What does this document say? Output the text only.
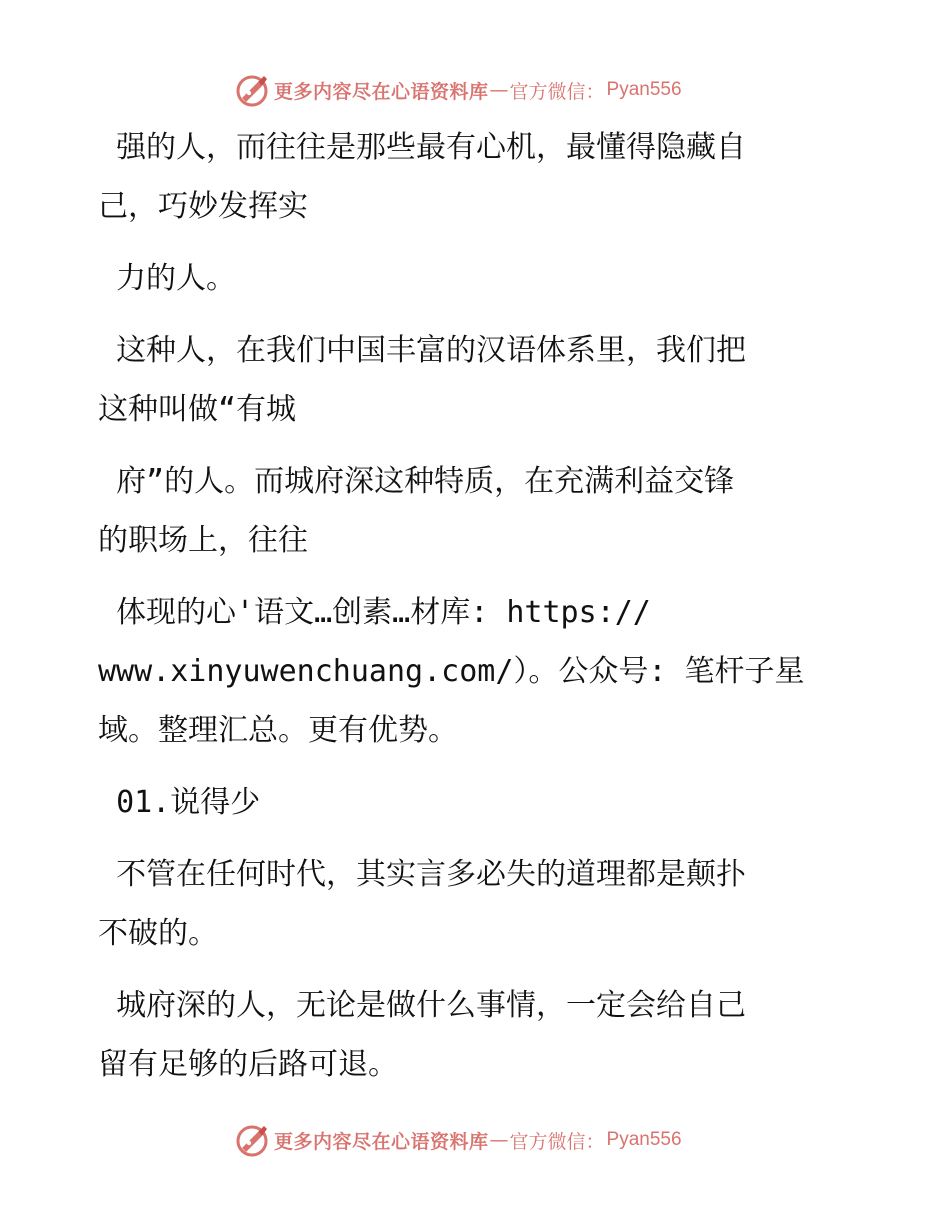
更多内容尽在心语资料库 — 官方微信： Pyan556

强的人，而往往是那些最有心机，最懂得隐藏自
己，巧妙发挥实

力的人。

这种人，在我们中国丰富的汉语体系里，我们把
这种叫做“有城

府”的人。而城府深这种特质，在充满利益交锋
的职场上，往往

体现的心'语文…创素…材库: https://
www.xinyuwenchuang.com/）。公众号: 笔杆子星
域。整理汇总。更有优势。

01.说得少

不管在任何时代，其实言多必失的道理都是颠扑
不破的。

城府深的人，无论是做什么事情，一定会给自己
留有足够的后路可退。

更多内容尽在心语资料库 — 官方微信： Pyan556
